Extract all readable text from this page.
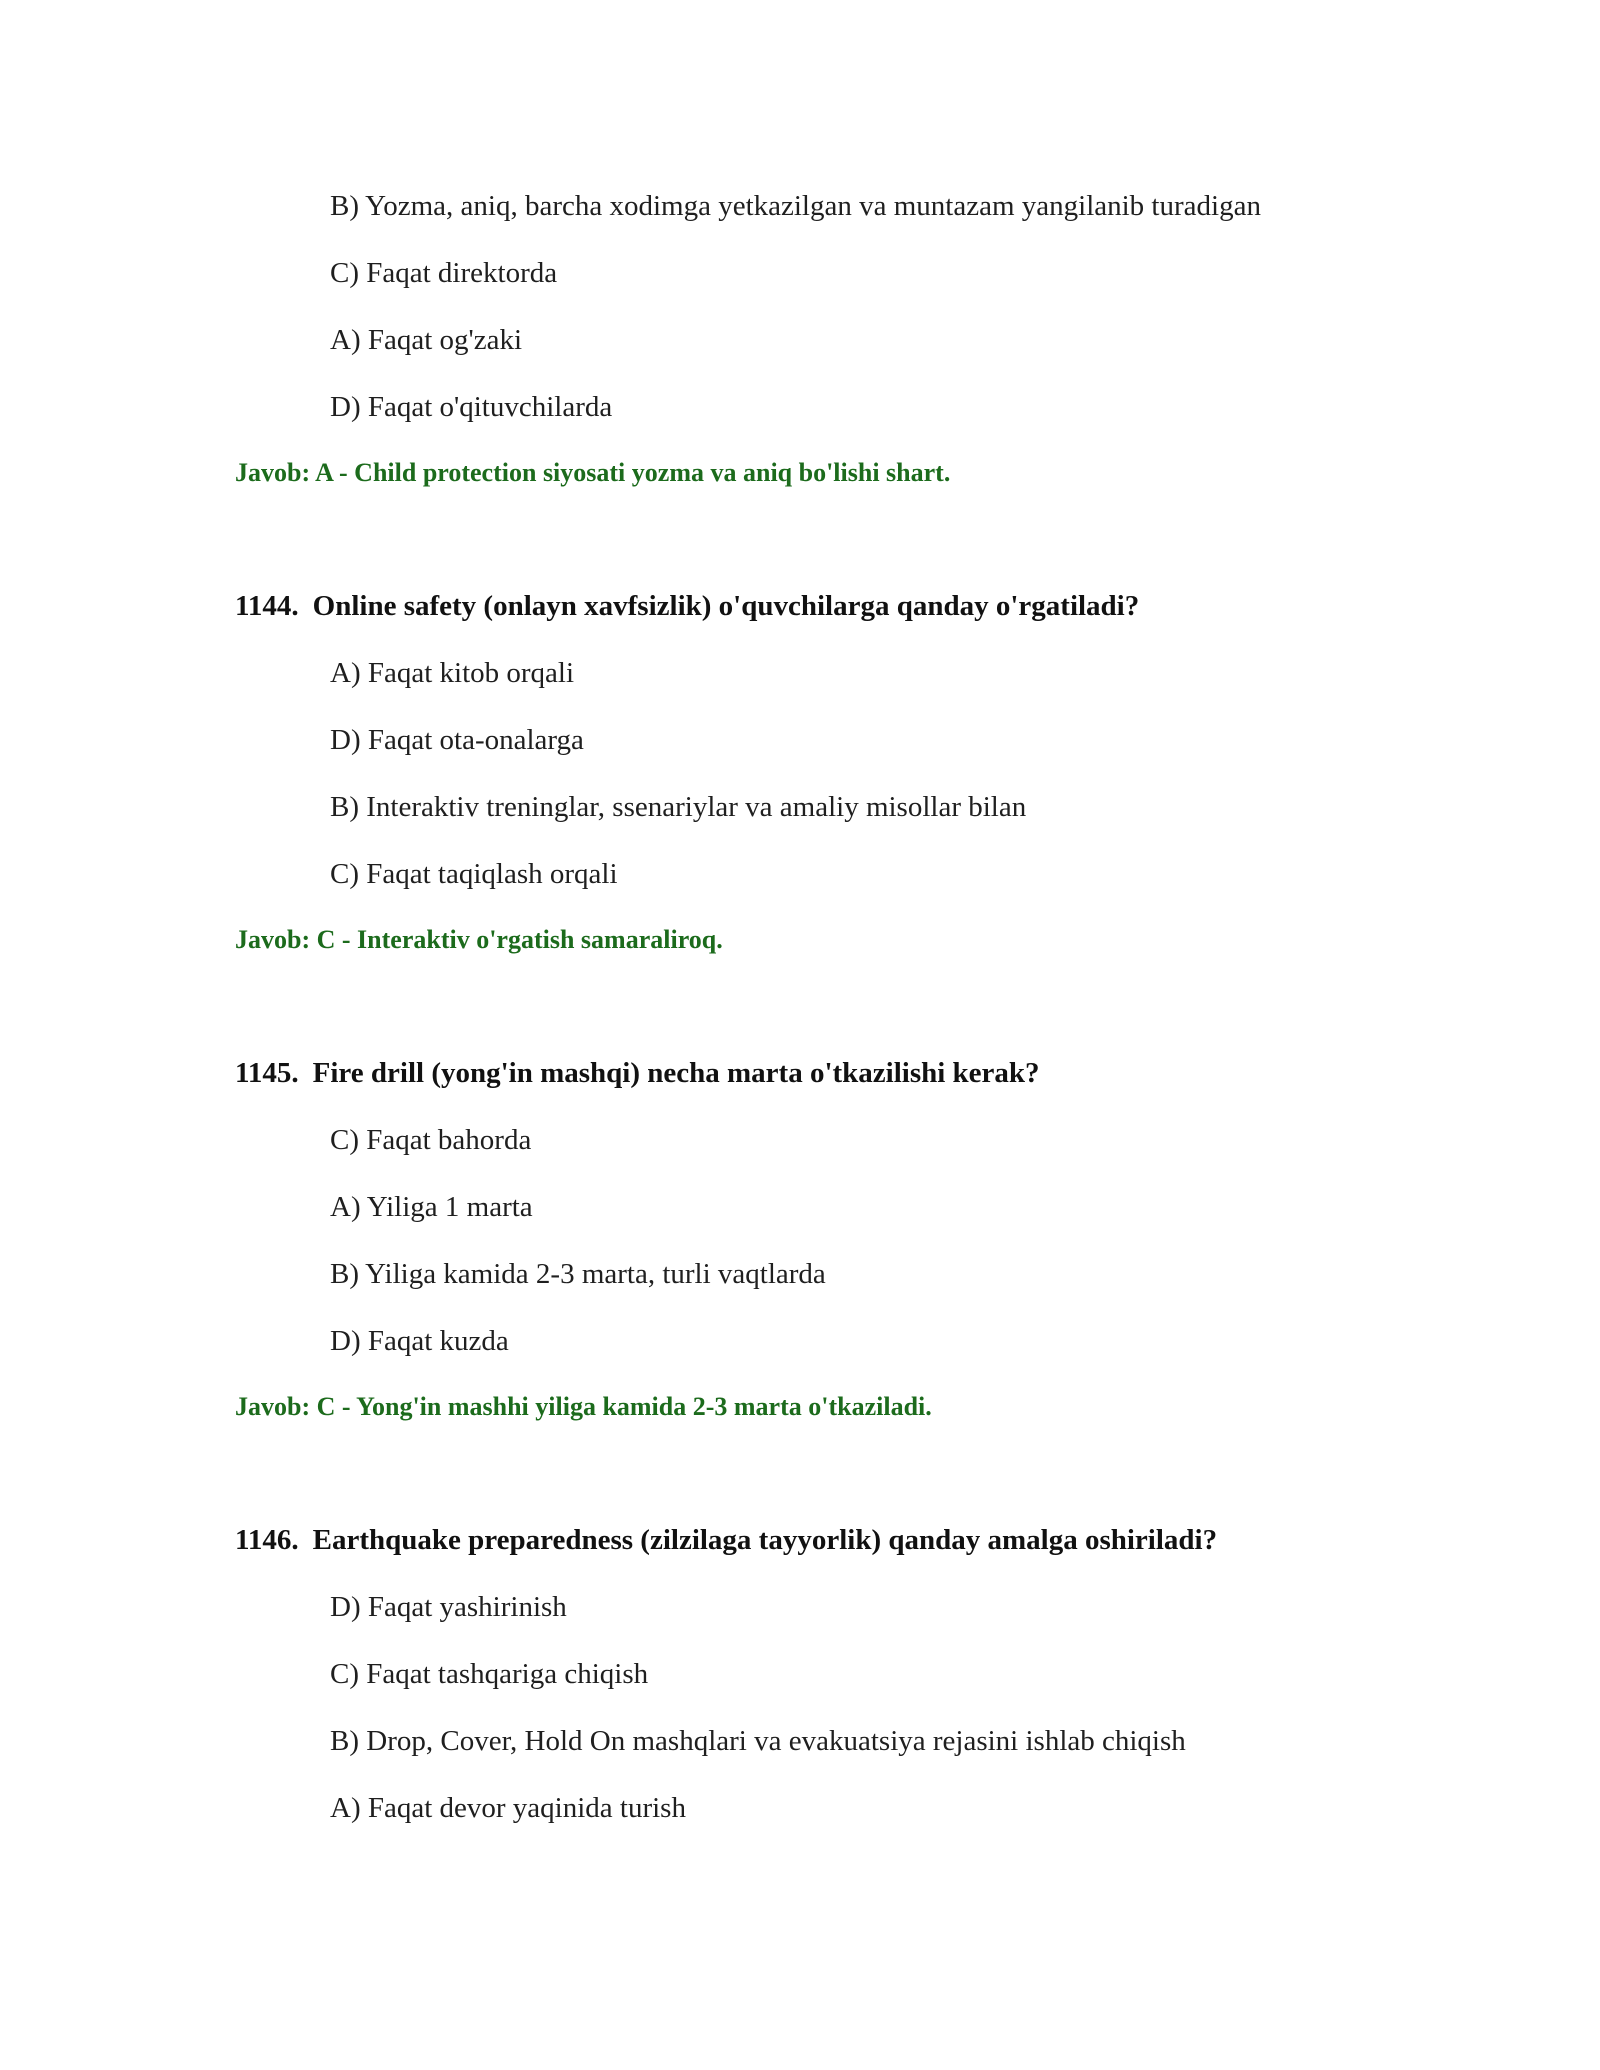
B) Yozma, aniq, barcha xodimga yetkazilgan va muntazam yangilanib turadigan
C) Faqat direktorda
A) Faqat og'zaki
D) Faqat o'qituvchilarda
Javob: A - Child protection siyosati yozma va aniq bo'lishi shart.
1144. Online safety (onlayn xavfsizlik) o'quvchilarga qanday o'rgatiladi?
A) Faqat kitob orqali
D) Faqat ota-onalarga
B) Interaktiv treninglar, ssenariylar va amaliy misollar bilan
C) Faqat taqiqlash orqali
Javob: C - Interaktiv o'rgatish samaraliroq.
1145. Fire drill (yong'in mashqi) necha marta o'tkazilishi kerak?
C) Faqat bahorda
A) Yiliga 1 marta
B) Yiliga kamida 2-3 marta, turli vaqtlarda
D) Faqat kuzda
Javob: C - Yong'in mashhi yiliga kamida 2-3 marta o'tkaziladi.
1146. Earthquake preparedness (zilzilaga tayyorlik) qanday amalga oshiriladi?
D) Faqat yashirinish
C) Faqat tashqariga chiqish
B) Drop, Cover, Hold On mashqlari va evakuatsiya rejasini ishlab chiqish
A) Faqat devor yaqinida turish
